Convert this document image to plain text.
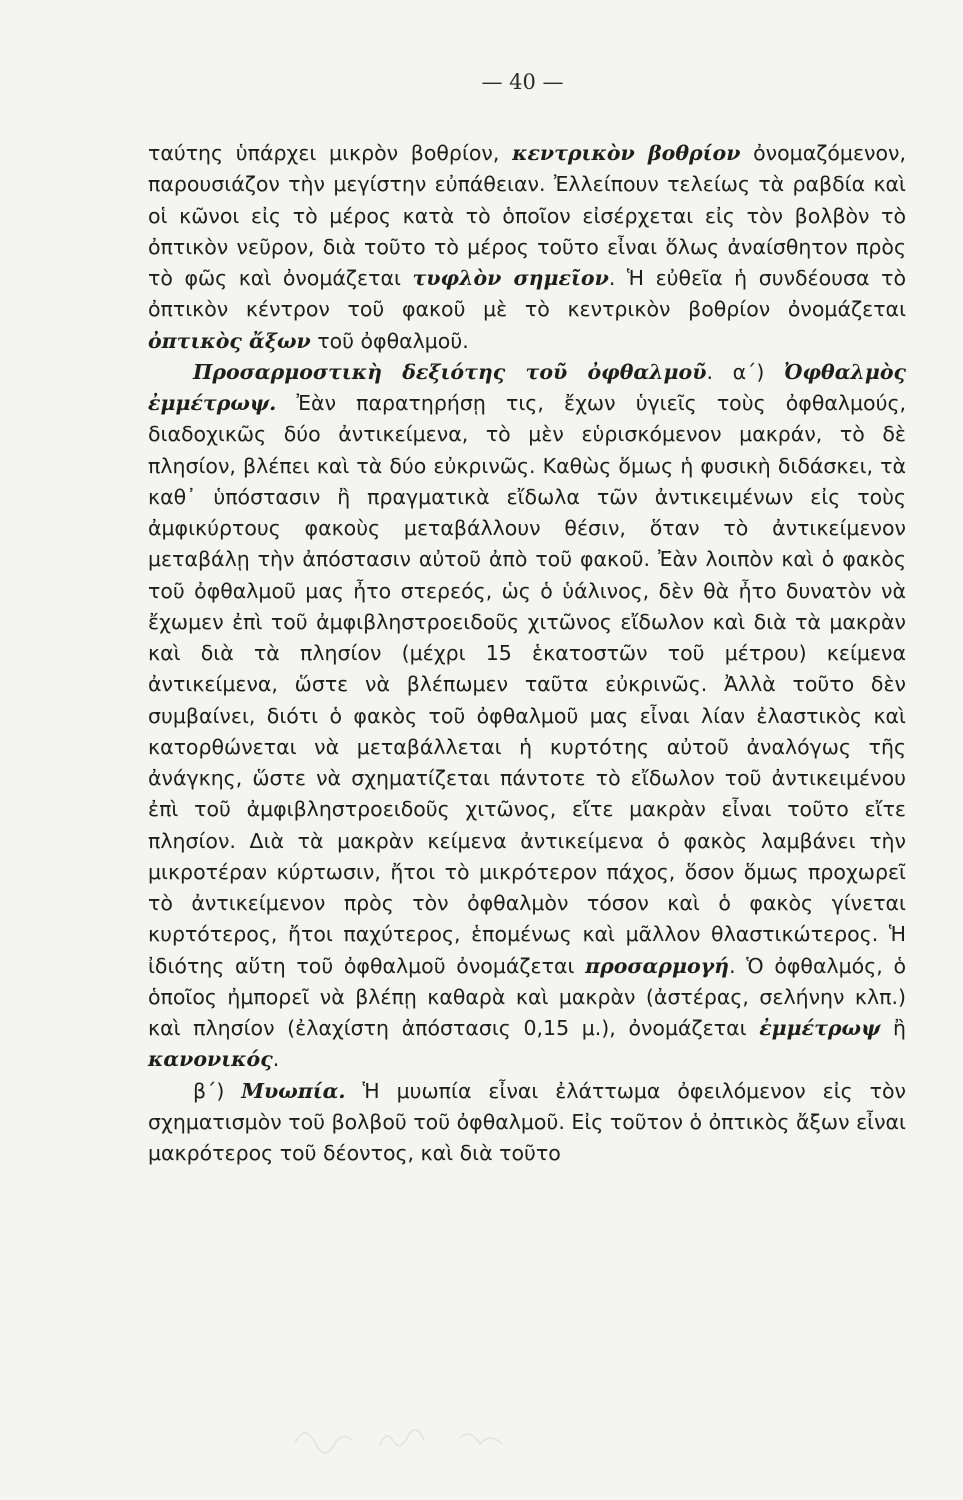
— 40 —

ταύτης ὑπάρχει μικρὸν βοθρίον, κεντρικὸν βοθρίον ὀνομαζόμενον, παρουσιάζον τὴν μεγίστην εὐπάθειαν. Ἐλλείπουν τελείως τὰ ραβδία καὶ οἱ κῶνοι εἰς τὸ μέρος κατὰ τὸ ὁποῖον εἰσέρχεται εἰς τὸν βολβὸν τὸ ὀπτικὸν νεῦρον, διὰ τοῦτο τὸ μέρος τοῦτο εἶναι ὅλως ἀναίσθητον πρὸς τὸ φῶς καὶ ὀνομάζεται τυφλὸν σημεῖον. Ἡ εὐθεῖα ἡ συνδέουσα τὸ ὀπτικὸν κέντρον τοῦ φακοῦ μὲ τὸ κεντρικὸν βοθρίον ὀνομάζεται ὀπτικὸς ἄξων τοῦ ὀφθαλμοῦ.

Προσαρμοστικὴ δεξιότης τοῦ ὀφθαλμοῦ. α΄) Ὀφθαλμὸς ἐμμέτρωψ. Ἐὰν παρατηρήσῃ τις, ἔχων ὑγιεῖς τοὺς ὀφθαλμούς, διαδοχικῶς δύο ἀντικείμενα, τὸ μὲν εὑρισκόμενον μακράν, τὸ δὲ πλησίον, βλέπει καὶ τὰ δύο εὐκρινῶς. Καθὼς ὅμως ἡ φυσικὴ διδάσκει, τὰ καθ᾽ ὑπόστασιν ἢ πραγματικὰ εἴδωλα τῶν ἀντικειμένων εἰς τοὺς ἀμφικύρτους φακοὺς μεταβάλλουν θέσιν, ὅταν τὸ ἀντικείμενον μεταβάλῃ τὴν ἀπόστασιν αὐτοῦ ἀπὸ τοῦ φακοῦ. Ἐὰν λοιπὸν καὶ ὁ φακὸς τοῦ ὀφθαλμοῦ μας ἦτο στερεός, ὡς ὁ ὑάλινος, δὲν θὰ ἦτο δυνατὸν νὰ ἔχωμεν ἐπὶ τοῦ ἀμφιβληστροειδοῦς χιτῶνος εἴδωλον καὶ διὰ τὰ μακρὰν καὶ διὰ τὰ πλησίον (μέχρι 15 ἑκατοστῶν τοῦ μέτρου) κείμενα ἀντικείμενα, ὥστε νὰ βλέπωμεν ταῦτα εὐκρινῶς. Ἀλλὰ τοῦτο δὲν συμβαίνει, διότι ὁ φακὸς τοῦ ὀφθαλμοῦ μας εἶναι λίαν ἐλαστικὸς καὶ κατορθώνεται νὰ μεταβάλλεται ἡ κυρτότης αὐτοῦ ἀναλόγως τῆς ἀνάγκης, ὥστε νὰ σχηματίζεται πάντοτε τὸ εἴδωλον τοῦ ἀντικειμένου ἐπὶ τοῦ ἀμφιβληστροειδοῦς χιτῶνος, εἴτε μακρὰν εἶναι τοῦτο εἴτε πλησίον. Διὰ τὰ μακρὰν κείμενα ἀντικείμενα ὁ φακὸς λαμβάνει τὴν μικροτέραν κύρτωσιν, ἤτοι τὸ μικρότερον πάχος, ὅσον ὅμως προχωρεῖ τὸ ἀντικείμενον πρὸς τὸν ὀφθαλμὸν τόσον καὶ ὁ φακὸς γίνεται κυρτότερος, ἤτοι παχύτερος, ἑπομένως καὶ μᾶλλον θλαστικώτερος. Ἡ ἰδιότης αὕτη τοῦ ὀφθαλμοῦ ὀνομάζεται προσαρμογή. Ὁ ὀφθαλμός, ὁ ὁποῖος ἠμπορεῖ νὰ βλέπῃ καθαρὰ καὶ μακρὰν (ἀστέρας, σελήνην κλπ.) καὶ πλησίον (ἐλαχίστη ἀπόστασις 0,15 μ.), ὀνομάζεται ἐμμέτρωψ ἢ κανονικός.

β΄) Μυωπία. Ἡ μυωπία εἶναι ἐλάττωμα ὀφειλόμενον εἰς τὸν σχηματισμὸν τοῦ βολβοῦ τοῦ ὀφθαλμοῦ. Εἰς τοῦτον ὁ ὀπτικὸς ἄξων εἶναι μακρότερος τοῦ δέοντος, καὶ διὰ τοῦτο
